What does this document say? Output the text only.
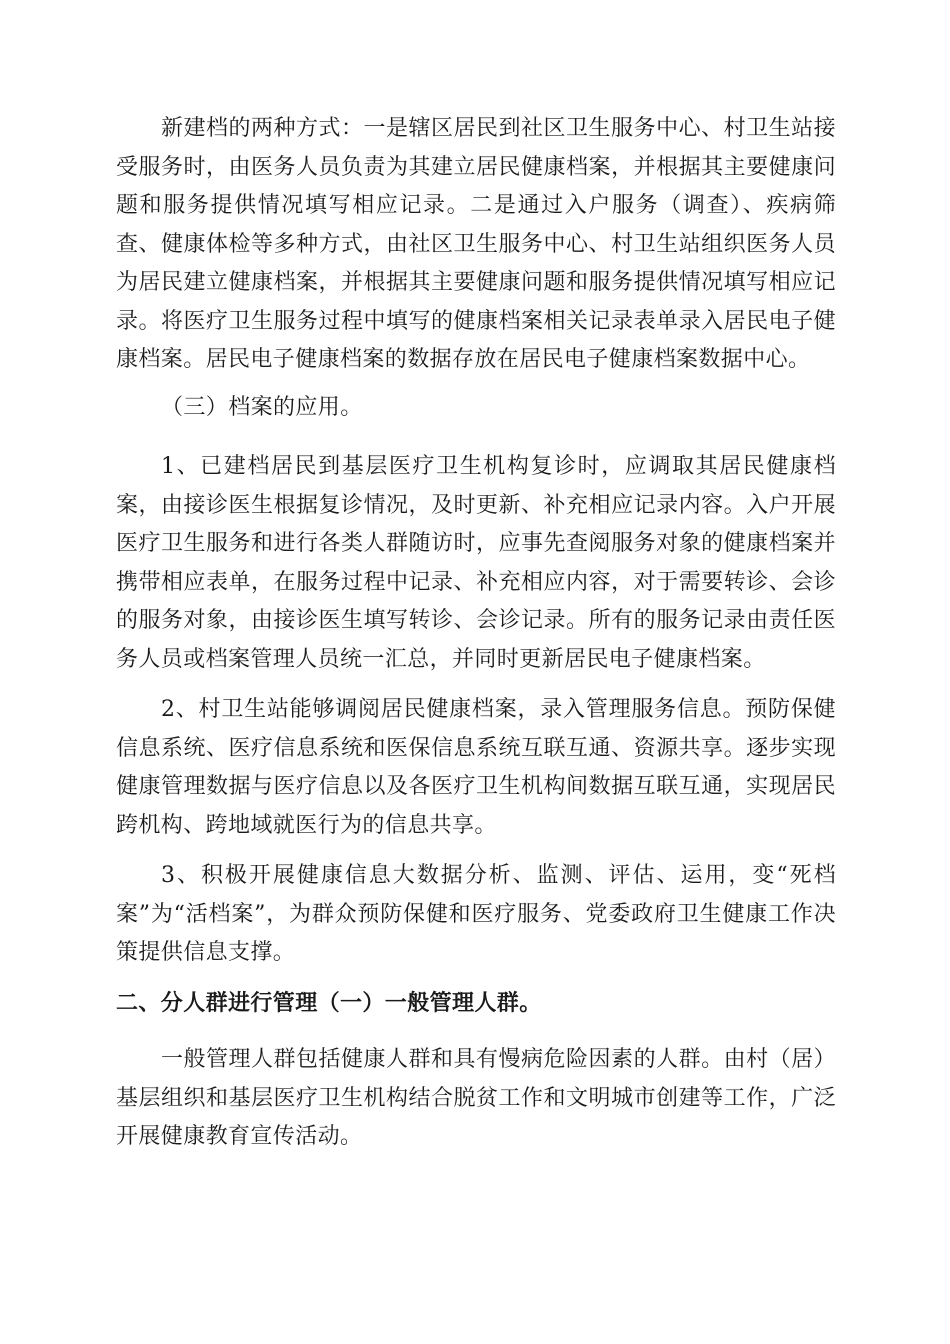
新建档的两种方式：一是辖区居民到社区卫生服务中心、村卫生站接受服务时，由医务人员负责为其建立居民健康档案，并根据其主要健康问题和服务提供情况填写相应记录。二是通过入户服务（调查）、疾病筛查、健康体检等多种方式，由社区卫生服务中心、村卫生站组织医务人员为居民建立健康档案，并根据其主要健康问题和服务提供情况填写相应记录。将医疗卫生服务过程中填写的健康档案相关记录表单录入居民电子健康档案。居民电子健康档案的数据存放在居民电子健康档案数据中心。

（三）档案的应用。

1、已建档居民到基层医疗卫生机构复诊时，应调取其居民健康档案，由接诊医生根据复诊情况，及时更新、补充相应记录内容。入户开展医疗卫生服务和进行各类人群随访时，应事先查阅服务对象的健康档案并携带相应表单，在服务过程中记录、补充相应内容，对于需要转诊、会诊的服务对象，由接诊医生填写转诊、会诊记录。所有的服务记录由责任医务人员或档案管理人员统一汇总，并同时更新居民电子健康档案。

2、村卫生站能够调阅居民健康档案，录入管理服务信息。预防保健信息系统、医疗信息系统和医保信息系统互联互通、资源共享。逐步实现健康管理数据与医疗信息以及各医疗卫生机构间数据互联互通，实现居民跨机构、跨地域就医行为的信息共享。

3、积极开展健康信息大数据分析、监测、评估、运用，变“死档案”为“活档案”，为群众预防保健和医疗服务、党委政府卫生健康工作决策提供信息支撑。

二、分人群进行管理（一）一般管理人群。

一般管理人群包括健康人群和具有慢病危险因素的人群。由村（居）基层组织和基层医疗卫生机构结合脱贫工作和文明城市创建等工作，广泛开展健康教育宣传活动。
